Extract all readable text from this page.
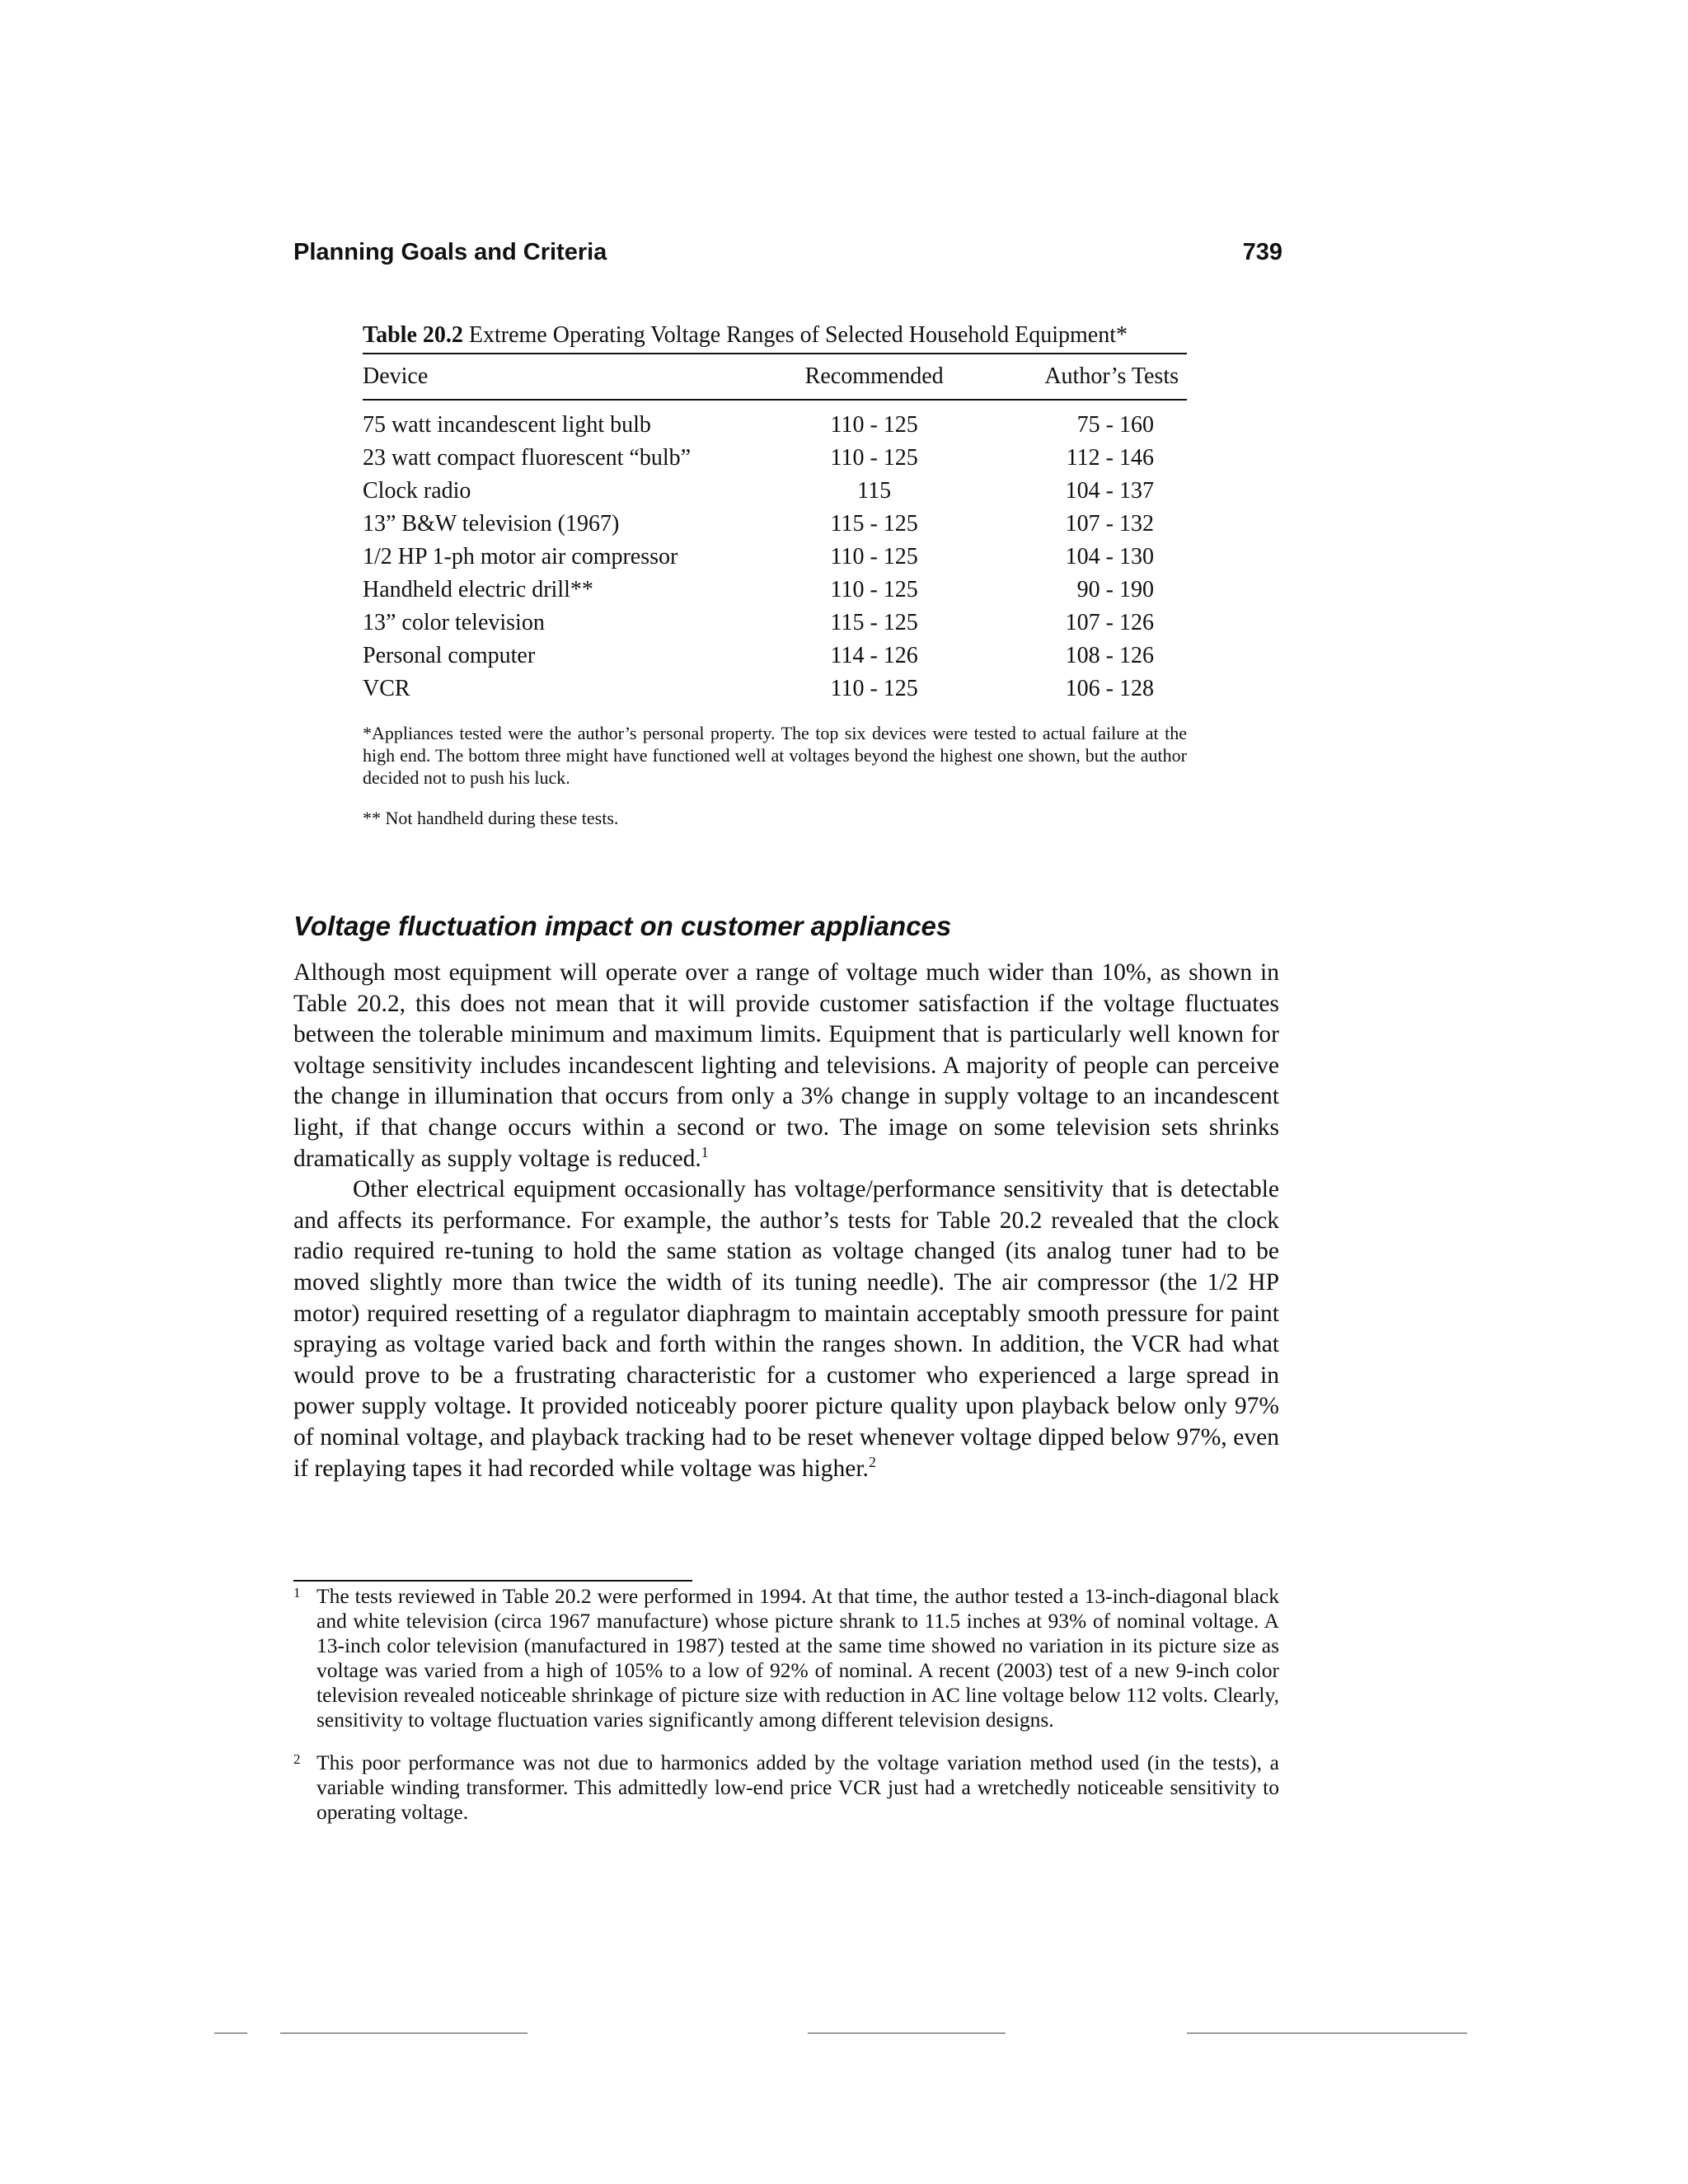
Planning Goals and Criteria	739
Table 20.2 Extreme Operating Voltage Ranges of Selected Household Equipment*
Device	Recommended	Author’s Tests

75 watt incandescent light bulb	110 - 125	75 - 160
23 watt compact fluorescent “bulb”	110 - 125	112 - 146
Clock radio	115	104 - 137
13” B&W television (1967)	115 - 125	107 - 132
1/2 HP 1-ph motor air compressor	110 - 125	104 - 130
Handheld electric drill**	110 - 125	90 - 190
13” color television	115 - 125	107 - 126
Personal computer	114 - 126	108 - 126
VCR	110 - 125	106 - 128

*Appliances tested were the author’s personal property. The top six devices were tested to actual failure at the high end. The bottom three might have functioned well at voltages beyond the highest one shown, but the author decided not to push his luck.

** Not handheld during these tests.

Voltage fluctuation impact on customer appliances

Although most equipment will operate over a range of voltage much wider than 10%, as shown in Table 20.2, this does not mean that it will provide customer satisfaction if the voltage fluctuates between the tolerable minimum and maximum limits. Equipment that is particularly well known for voltage sensitivity includes incandescent lighting and televisions. A majority of people can perceive the change in illumination that occurs from only a 3% change in supply voltage to an incandescent light, if that change occurs within a second or two. The image on some television sets shrinks dramatically as supply voltage is reduced.$^1$

Other electrical equipment occasionally has voltage/performance sensitivity that is detectable and affects its performance. For example, the author’s tests for Table 20.2 revealed that the clock radio required re-tuning to hold the same station as voltage changed (its analog tuner had to be moved slightly more than twice the width of its tuning needle). The air compressor (the 1/2 HP motor) required resetting of a regulator diaphragm to maintain acceptably smooth pressure for paint spraying as voltage varied back and forth within the ranges shown. In addition, the VCR had what would prove to be a frustrating characteristic for a customer who experienced a large spread in power supply voltage. It provided noticeably poorer picture quality upon playback below only 97% of nominal voltage, and playback tracking had to be reset whenever voltage dipped below 97%, even if replaying tapes it had recorded while voltage was higher.$^2$

1 The tests reviewed in Table 20.2 were performed in 1994. At that time, the author tested a 13-inch-diagonal black and white television (circa 1967 manufacture) whose picture shrank to 11.5 inches at 93% of nominal voltage. A 13-inch color television (manufactured in 1987) tested at the same time showed no variation in its picture size as voltage was varied from a high of 105% to a low of 92% of nominal. A recent (2003) test of a new 9-inch color television revealed noticeable shrinkage of picture size with reduction in AC line voltage below 112 volts. Clearly, sensitivity to voltage fluctuation varies significantly among different television designs.
2 This poor performance was not due to harmonics added by the voltage variation method used (in the tests), a variable winding transformer. This admittedly low-end price VCR just had a wretchedly noticeable sensitivity to operating voltage.
